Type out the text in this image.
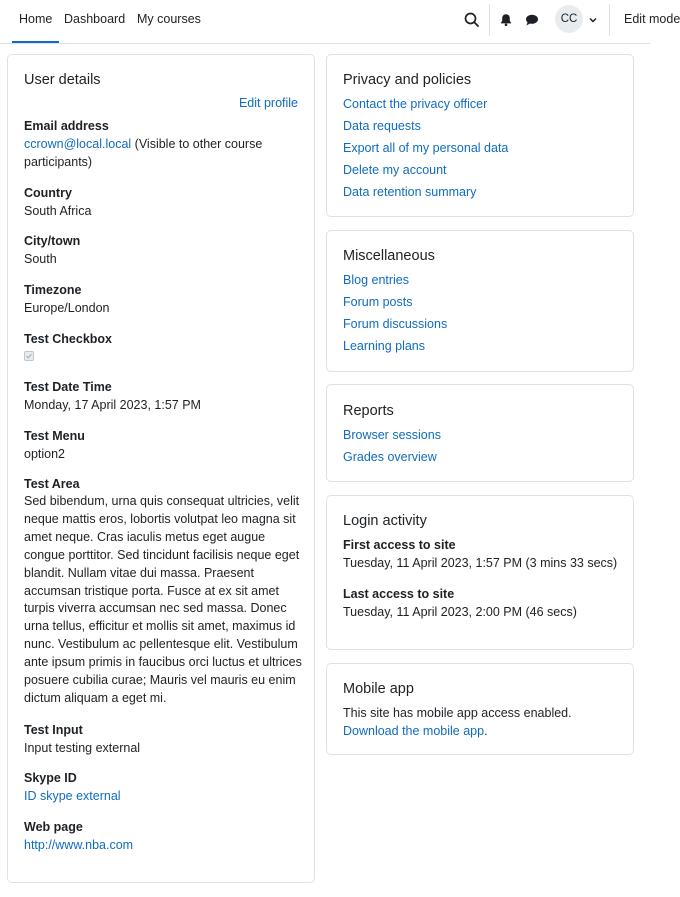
Home Dashboard My courses	CC	Edit mode
User details
Edit profile
Email address
ccrown@local.local (Visible to other course
participants)
Country
South Africa
City/town
South
Timezone
Europe/London
Test Checkbox
Test Date Time
Monday, 17 April 2023, 1:57 PM
Test Menu
option2
Test Area
Sed bibendum, urna quis consequat ultricies, velit neque mattis eros, lobortis volutpat leo magna sit amet neque. Cras iaculis metus eget augue congue porttitor. Sed tincidunt facilisis neque eget blandit. Nullam vitae dui massa. Praesent accumsan tristique porta. Fusce at ex sit amet turpis viverra accumsan nec sed massa. Donec urna tellus, efficitur et mollis sit amet, maximus id nunc. Vestibulum ac pellentesque elit. Vestibulum ante ipsum primis in faucibus orci luctus et ultrices posuere cubilia curae; Mauris vel mauris eu enim dictum aliquam a eget mi.
Test Input
Input testing external
Skype ID
ID skype external
Web page
http://www.nba.com
Privacy and policies
Contact the privacy officer
Data requests
Export all of my personal data
Delete my account
Data retention summary
Miscellaneous
Blog entries
Forum posts
Forum discussions
Learning plans
Reports
Browser sessions
Grades overview
Login activity
First access to site
Tuesday, 11 April 2023, 1:57 PM (3 mins 33 secs)
Last access to site
Tuesday, 11 April 2023, 2:00 PM (46 secs)
Mobile app
This site has mobile app access enabled.
Download the mobile app.
